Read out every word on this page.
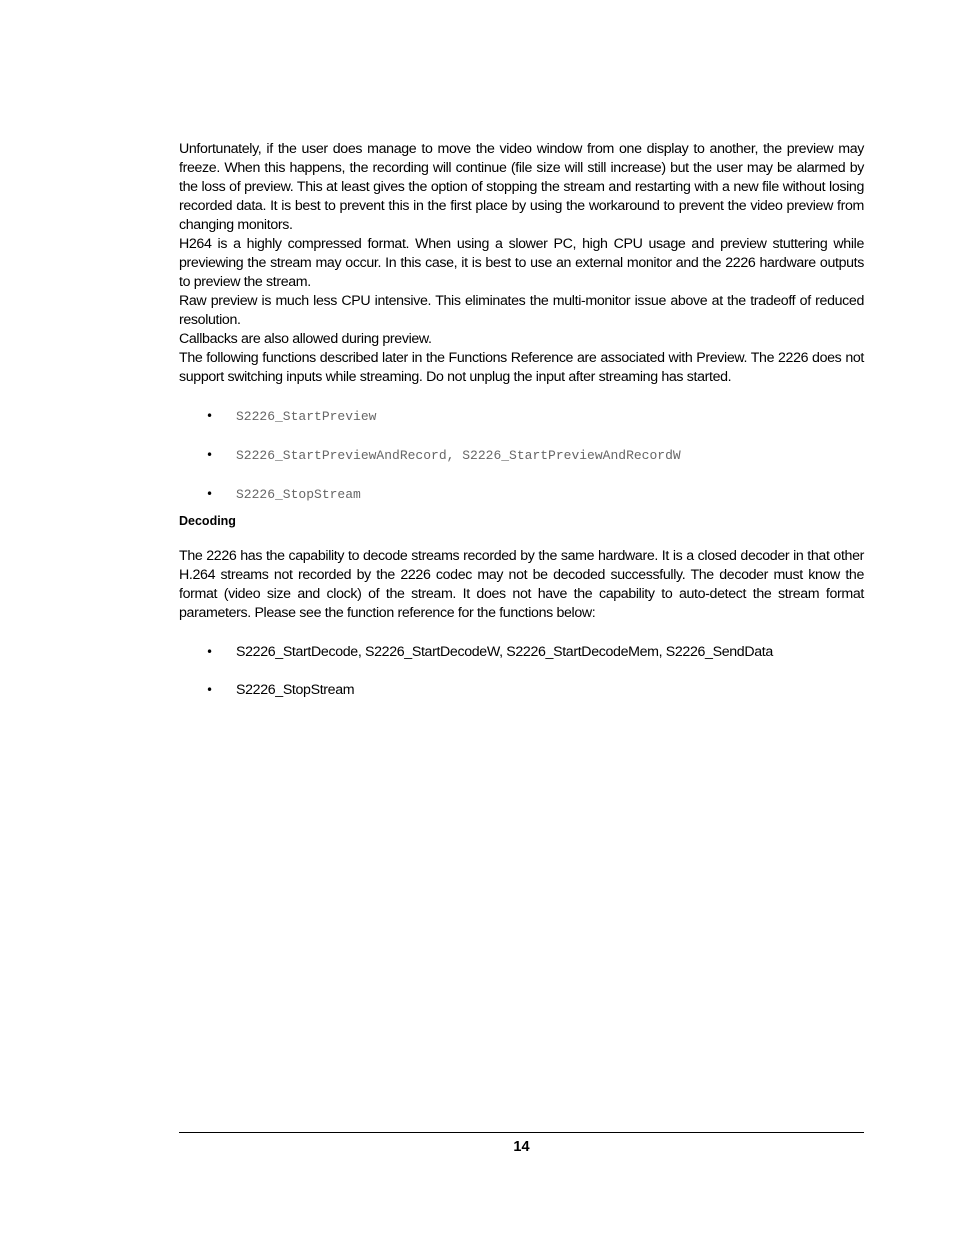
Unfortunately, if the user does manage to move the video window from one display to another, the preview may freeze. When this happens, the recording will continue (file size will still increase) but the user may be alarmed by the loss of preview. This at least gives the option of stopping the stream and restarting with a new file without losing recorded data. It is best to prevent this in the first place by using the workaround to prevent the video preview from changing monitors.

H264 is a highly compressed format. When using a slower PC, high CPU usage and preview stuttering while previewing the stream may occur. In this case, it is best to use an external monitor and the 2226 hardware outputs to preview the stream.

Raw preview is much less CPU intensive. This eliminates the multi-monitor issue above at the tradeoff of reduced resolution.

Callbacks are also allowed during preview.

The following functions described later in the Functions Reference are associated with Preview. The 2226 does not support switching inputs while streaming. Do not unplug the input after streaming has started.

• S2226_StartPreview
• S2226_StartPreviewAndRecord, S2226_StartPreviewAndRecordW
• S2226_StopStream
Decoding

The 2226 has the capability to decode streams recorded by the same hardware. It is a closed decoder in that other H.264 streams not recorded by the 2226 codec may not be decoded successfully. The decoder must know the format (video size and clock) of the stream. It does not have the capability to auto-detect the stream format parameters. Please see the function reference for the functions below:

• S2226_StartDecode, S2226_StartDecodeW, S2226_StartDecodeMem, S2226_SendData
• S2226_StopStream
14
